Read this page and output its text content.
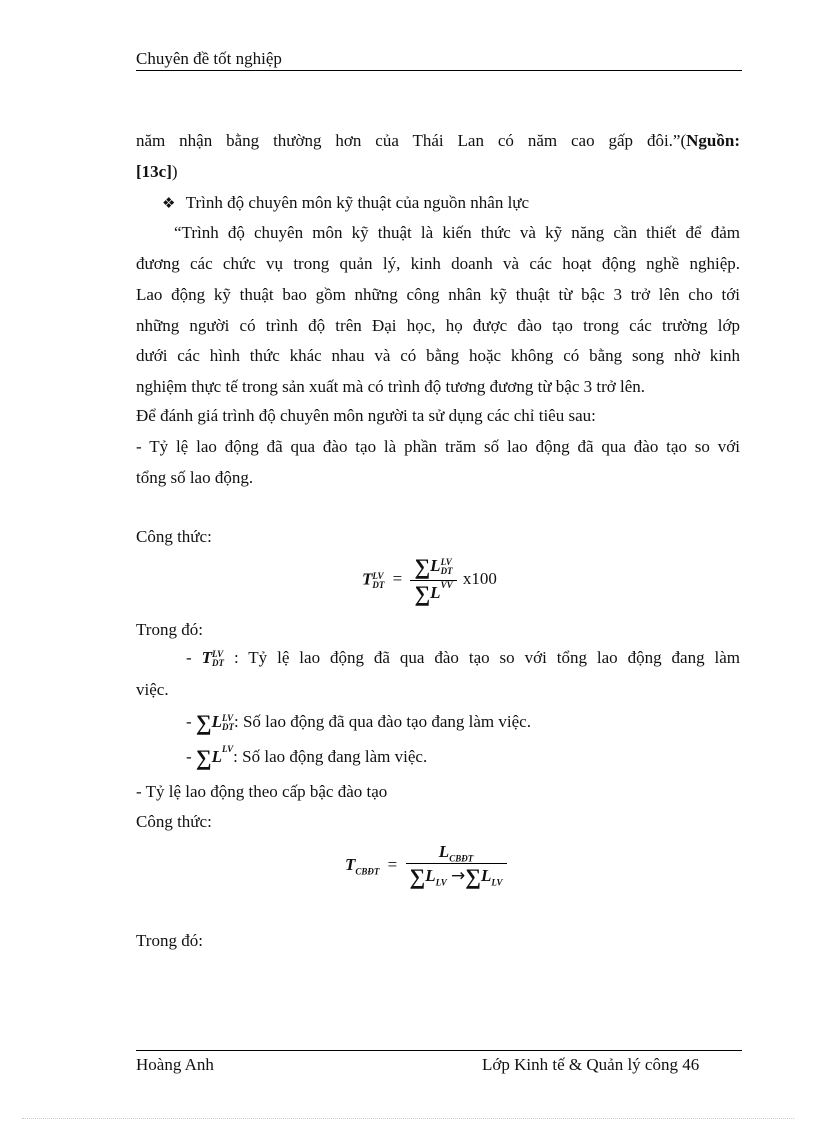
Chuyên đề tốt nghiệp
năm nhận bằng thường hơn của Thái Lan có năm cao gấp đôi.”(Nguồn:
[13c])
❖ Trình độ chuyên môn kỹ thuật của nguồn nhân lực
“Trình độ chuyên môn kỹ thuật là kiến thức và kỹ năng cần thiết để đảm
đương các chức vụ trong quản lý, kinh doanh và các hoạt động nghề nghiệp.
Lao động kỹ thuật bao gồm những công nhân kỹ thuật từ bậc 3 trở lên cho tới
những người có trình độ trên Đại học, họ được đào tạo trong các trường lớp
dưới các hình thức khác nhau và có bằng hoặc không có bằng song nhờ kinh
nghiệm thực tế trong sản xuất mà có trình độ tương đương từ bậc 3 trở lên.
Để đánh giá trình độ chuyên môn người ta sử dụng các chỉ tiêu sau:
- Tỷ lệ lao động đã qua đào tạo là phần trăm số lao động đã qua đào tạo so với
tổng số lao động.
Công thức:
T LV
DT = ∑L LV
DT
∑L VV x100
Trong đó:
- T LV
DT : Tỷ lệ lao động đã qua đào tạo so với tổng lao động đang làm
việc.
- ∑L LV
DT : Số lao động đã qua đào tạo đang làm việc.
- ∑L LV : Số lao động đang làm việc.
- Tỷ lệ lao động theo cấp bậc đào tạo
Công thức:
$T_{CBĐT} = \frac{L_{CBĐT}}{\sum L_{LV} \to\sum L_{LV}}$
Trong đó:
Hoàng Anh	Lớp Kinh tế & Quản lý công 46
